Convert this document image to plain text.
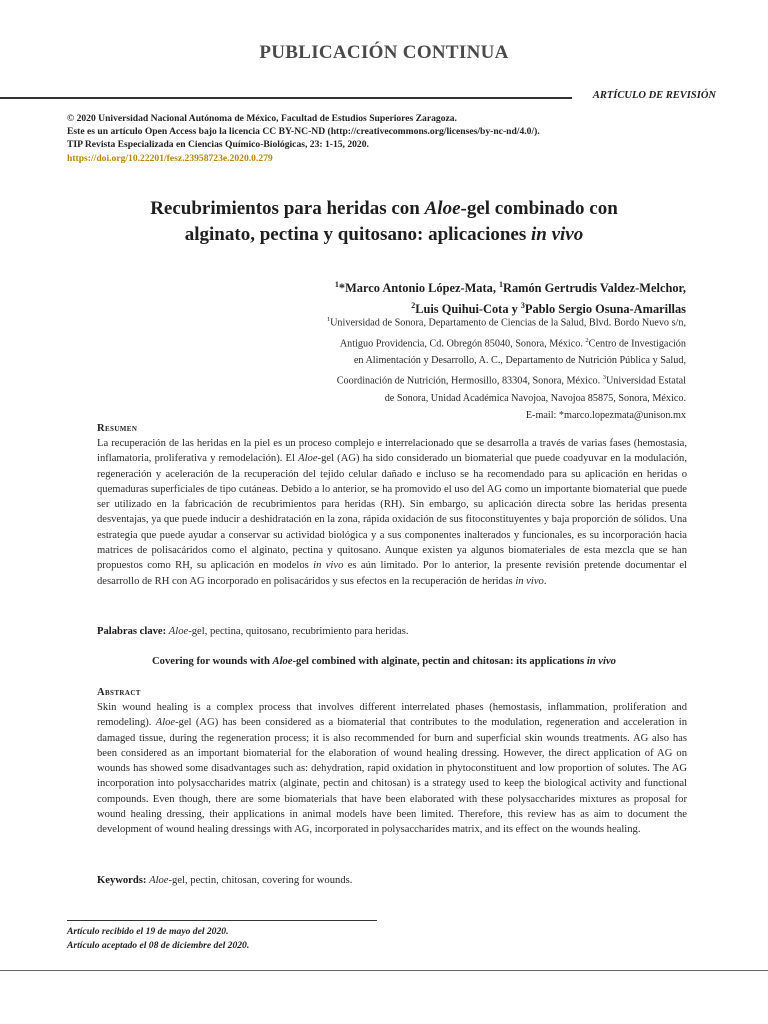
PUBLICACIÓN CONTINUA
ARTÍCULO DE REVISIÓN
© 2020 Universidad Nacional Autónoma de México, Facultad de Estudios Superiores Zaragoza.
Este es un artículo Open Access bajo la licencia CC BY-NC-ND (http://creativecommons.org/licenses/by-nc-nd/4.0/).
TIP Revista Especializada en Ciencias Químico-Biológicas, 23: 1-15, 2020.
https://doi.org/10.22201/fesz.23958723e.2020.0.279
Recubrimientos para heridas con Aloe-gel combinado con
alginato, pectina y quitosano: aplicaciones in vivo
$^1$*Marco Antonio López-Mata, $^1$Ramón Gertrudis Valdez-Melchor,
$^2$Luis Quihui-Cota y $^3$Pablo Sergio Osuna-Amarillas
$^1$Universidad de Sonora, Departamento de Ciencias de la Salud, Blvd. Bordo Nuevo s/n,
Antiguo Providencia, Cd. Obregón 85040, Sonora, México. $^2$Centro de Investigación
en Alimentación y Desarrollo, A. C., Departamento de Nutrición Pública y Salud,
Coordinación de Nutrición, Hermosillo, 83304, Sonora, México. $^3$Universidad Estatal
de Sonora, Unidad Académica Navojoa, Navojoa 85875, Sonora, México.
E-mail: *marco.lopezmata@unison.mx
Resumen
La recuperación de las heridas en la piel es un proceso complejo e interrelacionado que se desarrolla a través de varias fases (hemostasia, inflamatoria, proliferativa y remodelación). El Aloe-gel (AG) ha sido considerado un biomaterial que puede coadyuvar en la modulación, regeneración y aceleración de la recuperación del tejido celular dañado e incluso se ha recomendado para su aplicación en heridas o quemaduras superficiales de tipo cutáneas. Debido a lo anterior, se ha promovido el uso del AG como un importante biomaterial que puede ser utilizado en la fabricación de recubrimientos para heridas (RH). Sin embargo, su aplicación directa sobre las heridas presenta desventajas, ya que puede inducir a deshidratación en la zona, rápida oxidación de sus fitoconstituyentes y baja proporción de sólidos. Una estrategia que puede ayudar a conservar su actividad biológica y a sus componentes inalterados y funcionales, es su incorporación hacia matrices de polisacáridos como el alginato, pectina y quitosano. Aunque existen ya algunos biomateriales de esta mezcla que se han propuestos como RH, su aplicación en modelos in vivo es aún limitado. Por lo anterior, la presente revisión pretende documentar el desarrollo de RH con AG incorporado en polisacáridos y sus efectos en la recuperación de heridas in vivo.
Palabras clave: Aloe-gel, pectina, quitosano, recubrimiento para heridas.
Covering for wounds with Aloe-gel combined with alginate, pectin and chitosan: its applications in vivo
Abstract
Skin wound healing is a complex process that involves different interrelated phases (hemostasis, inflammation, proliferation and remodeling). Aloe-gel (AG) has been considered as a biomaterial that contributes to the modulation, regeneration and acceleration in damaged tissue, during the regeneration process; it is also recommended for burn and superficial skin wounds treatments. AG also has been considered as an important biomaterial for the elaboration of wound healing dressing. However, the direct application of AG on wounds has showed some disadvantages such as: dehydration, rapid oxidation in phytoconstituent and low proportion of solutes. The AG incorporation into polysaccharides matrix (alginate, pectin and chitosan) is a strategy used to keep the biological activity and functional compounds. Even though, there are some biomaterials that have been elaborated with these polysaccharides mixtures as proposal for wound healing dressing, their applications in animal models have been limited. Therefore, this review has as aim to document the development of wound healing dressings with AG, incorporated in polysaccharides matrix, and its effect on the wounds healing.
Keywords: Aloe-gel, pectin, chitosan, covering for wounds.
Artículo recibido el 19 de mayo del 2020.
Artículo aceptado el 08 de diciembre del 2020.
